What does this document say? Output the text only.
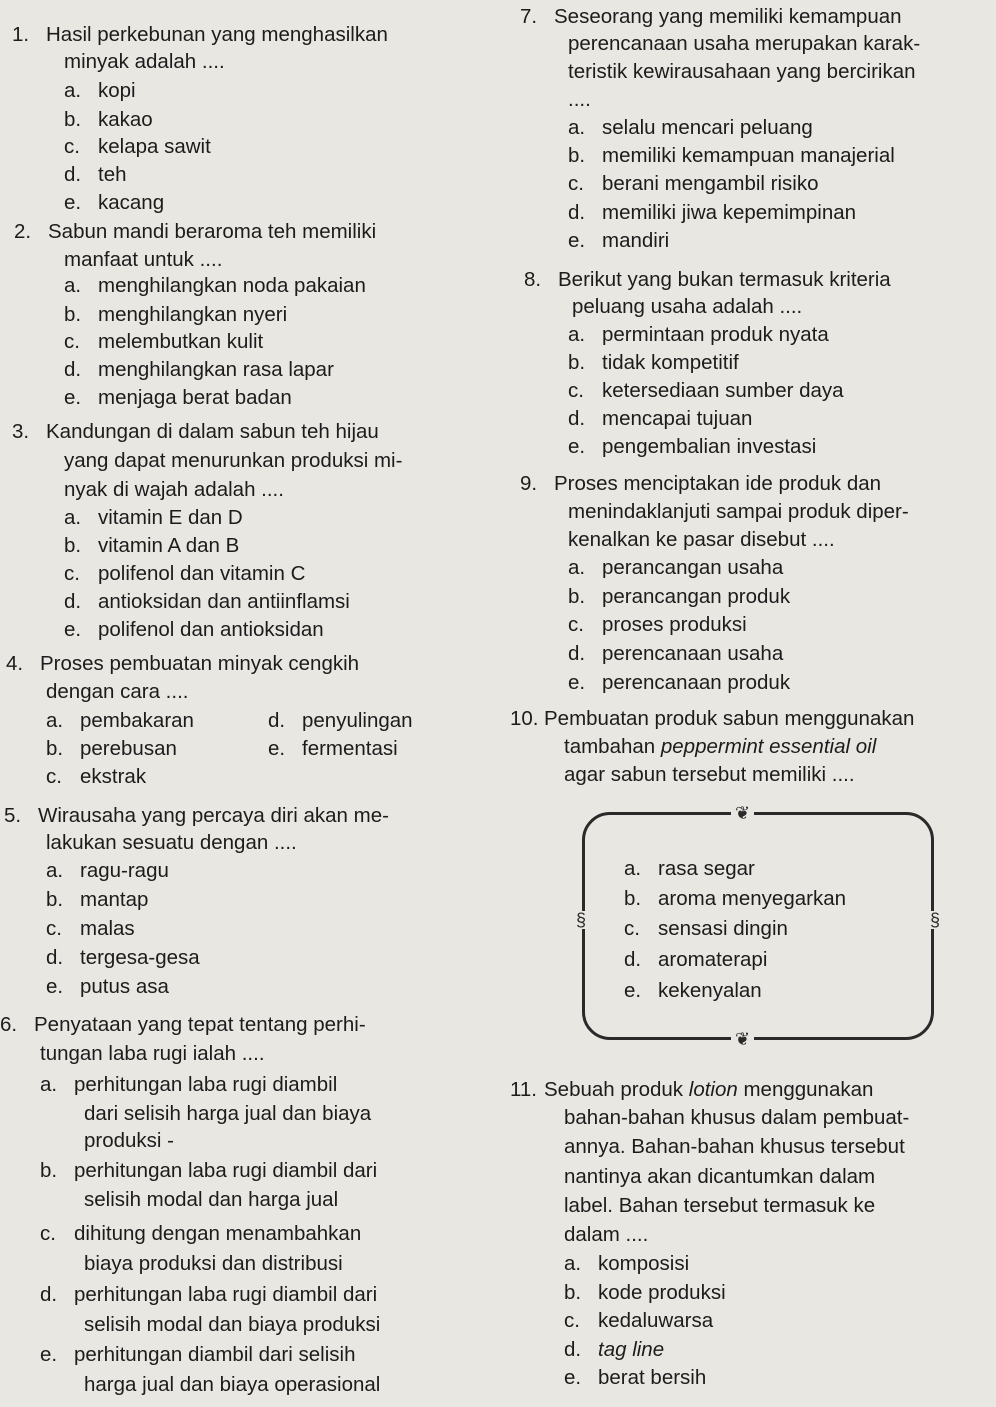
1. Hasil perkebunan yang menghasilkan
minyak adalah ....
a. kopi
b. kakao
c. kelapa sawit
d. teh
e. kacang
2. Sabun mandi beraroma teh memiliki
manfaat untuk ....
a. menghilangkan noda pakaian
b. menghilangkan nyeri
c. melembutkan kulit
d. menghilangkan rasa lapar
e. menjaga berat badan
3. Kandungan di dalam sabun teh hijau
yang dapat menurunkan produksi mi-
nyak di wajah adalah ....
a. vitamin E dan D
b. vitamin A dan B
c. polifenol dan vitamin C
d. antioksidan dan antiinflamsi
e. polifenol dan antioksidan
4. Proses pembuatan minyak cengkih
dengan cara ....
a. pembakaran	d. penyulingan
b. perebusan	e. fermentasi
c. ekstrak
5. Wirausaha yang percaya diri akan me-
lakukan sesuatu dengan ....
a. ragu-ragu
b. mantap
c. malas
d. tergesa-gesa
e. putus asa
6. Penyataan yang tepat tentang perhi-
tungan laba rugi ialah ....
a. perhitungan laba rugi diambil
dari selisih harga jual dan biaya
produksi -
b. perhitungan laba rugi diambil dari
selisih modal dan harga jual
c. dihitung dengan menambahkan
biaya produksi dan distribusi
d. perhitungan laba rugi diambil dari
selisih modal dan biaya produksi
e. perhitungan diambil dari selisih
harga jual dan biaya operasional
7. Seseorang yang memiliki kemampuan
perencanaan usaha merupakan karak-
teristik kewirausahaan yang bercirikan
....
a. selalu mencari peluang
b. memiliki kemampuan manajerial
c. berani mengambil risiko
d. memiliki jiwa kepemimpinan
e. mandiri
8. Berikut yang bukan termasuk kriteria
peluang usaha adalah ....
a. permintaan produk nyata
b. tidak kompetitif
c. ketersediaan sumber daya
d. mencapai tujuan
e. pengembalian investasi
9. Proses menciptakan ide produk dan
menindaklanjuti sampai produk diper-
kenalkan ke pasar disebut ....
a. perancangan usaha
b. perancangan produk
c. proses produksi
d. perencanaan usaha
e. perencanaan produk
10. Pembuatan produk sabun menggunakan
tambahan peppermint essential oil
agar sabun tersebut memiliki ....
a. rasa segar
b. aroma menyegarkan
c. sensasi dingin
d. aromaterapi
e. kekenyalan
11. Sebuah produk lotion menggunakan
bahan-bahan khusus dalam pembuat-
annya. Bahan-bahan khusus tersebut
nantinya akan dicantumkan dalam
label. Bahan tersebut termasuk ke
dalam ....
a. komposisi
b. kode produksi
c. kedaluwarsa
d. tag line
e. berat bersih
❦
❦
§	§
